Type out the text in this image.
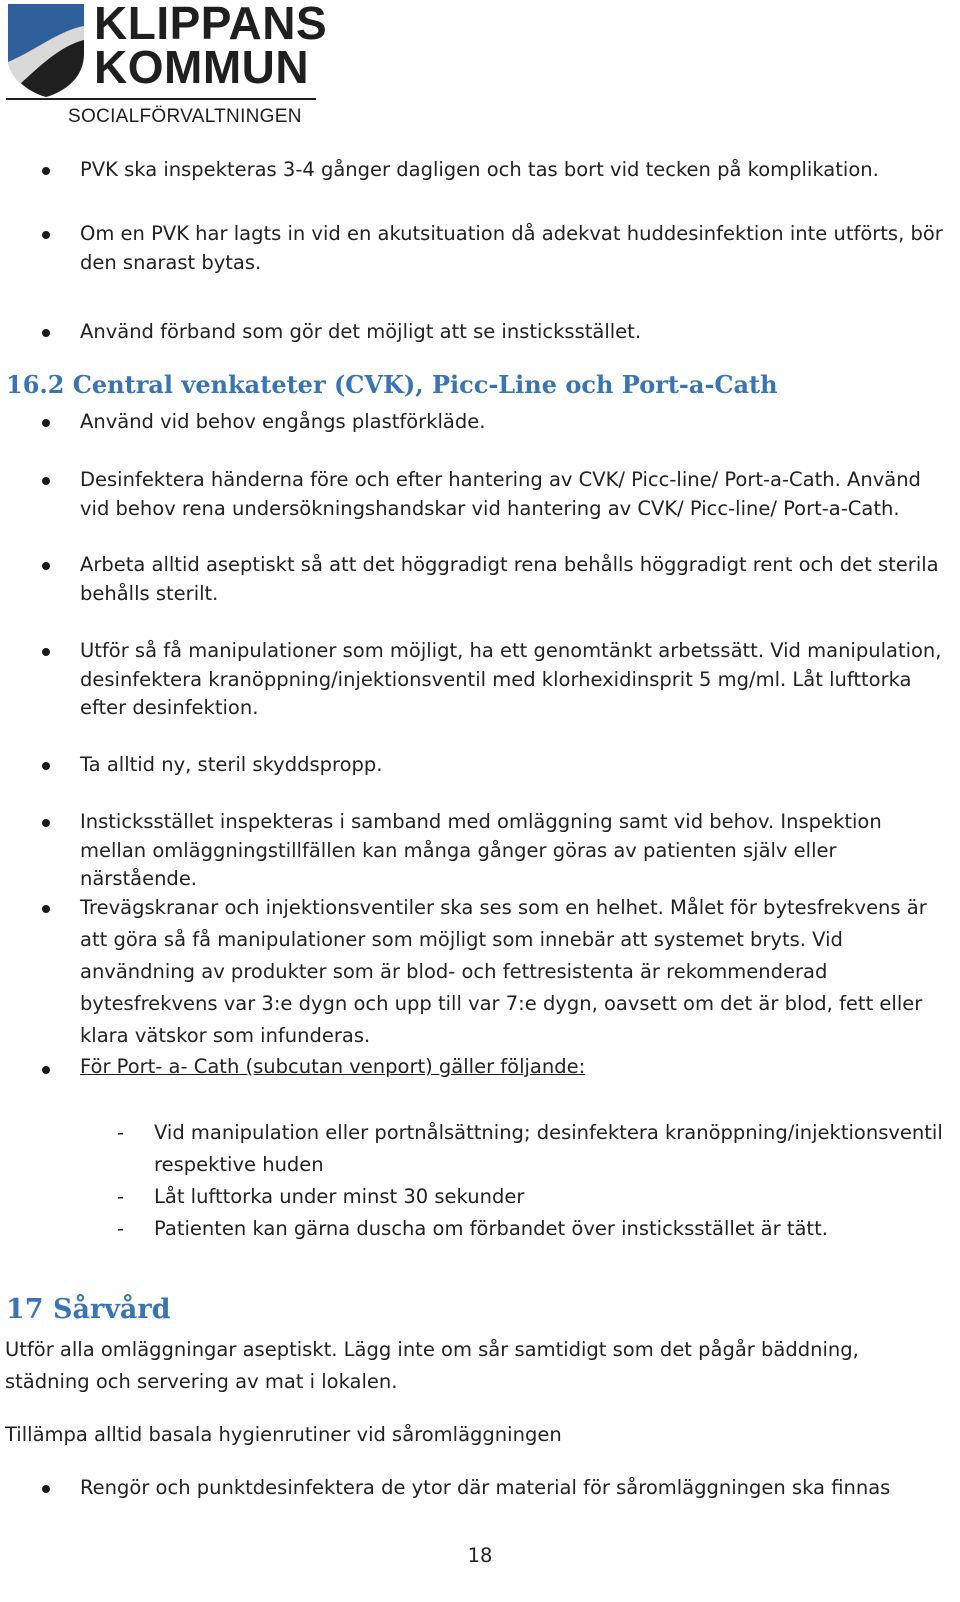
KLIPPANS
KOMMUN
SOCIALFÖRVALTNINGEN
PVK ska inspekteras 3-4 gånger dagligen och tas bort vid tecken på komplikation.
Om en PVK har lagts in vid en akutsituation då adekvat huddesinfektion inte utförts, bör den snarast bytas.
Använd förband som gör det möjligt att se insticksstället.
16.2 Central venkateter (CVK), Picc-Line och Port-a-Cath
Använd vid behov engångs plastförkläde.
Desinfektera händerna före och efter hantering av CVK/ Picc-line/ Port-a-Cath. Använd vid behov rena undersökningshandskar vid hantering av CVK/ Picc-line/ Port-a-Cath.
Arbeta alltid aseptiskt så att det höggradigt rena behålls höggradigt rent och det sterila behålls sterilt.
Utför så få manipulationer som möjligt, ha ett genomtänkt arbetssätt. Vid manipulation, desinfektera kranöppning/injektionsventil med klorhexidinsprit 5 mg/ml. Låt lufttorka efter desinfektion.
Ta alltid ny, steril skyddspropp.
Insticksstället inspekteras i samband med omläggning samt vid behov. Inspektion mellan omläggningstillfällen kan många gånger göras av patienten själv eller närstående.
Trevägskranar och injektionsventiler ska ses som en helhet. Målet för bytesfrekvens är att göra så få manipulationer som möjligt som innebär att systemet bryts. Vid användning av produkter som är blod- och fettresistenta är rekommenderad bytesfrekvens var 3:e dygn och upp till var 7:e dygn, oavsett om det är blod, fett eller klara vätskor som infunderas.
För Port- a- Cath (subcutan venport) gäller följande:
- Vid manipulation eller portnålsättning; desinfektera kranöppning/injektionsventil respektive huden
- Låt lufttorka under minst 30 sekunder
- Patienten kan gärna duscha om förbandet över insticksstället är tätt.
17 Sårvård
Utför alla omläggningar aseptiskt. Lägg inte om sår samtidigt som det pågår bäddning, städning och servering av mat i lokalen.
Tillämpa alltid basala hygienrutiner vid såromläggningen
Rengör och punktdesinfektera de ytor där material för såromläggningen ska finnas
18
